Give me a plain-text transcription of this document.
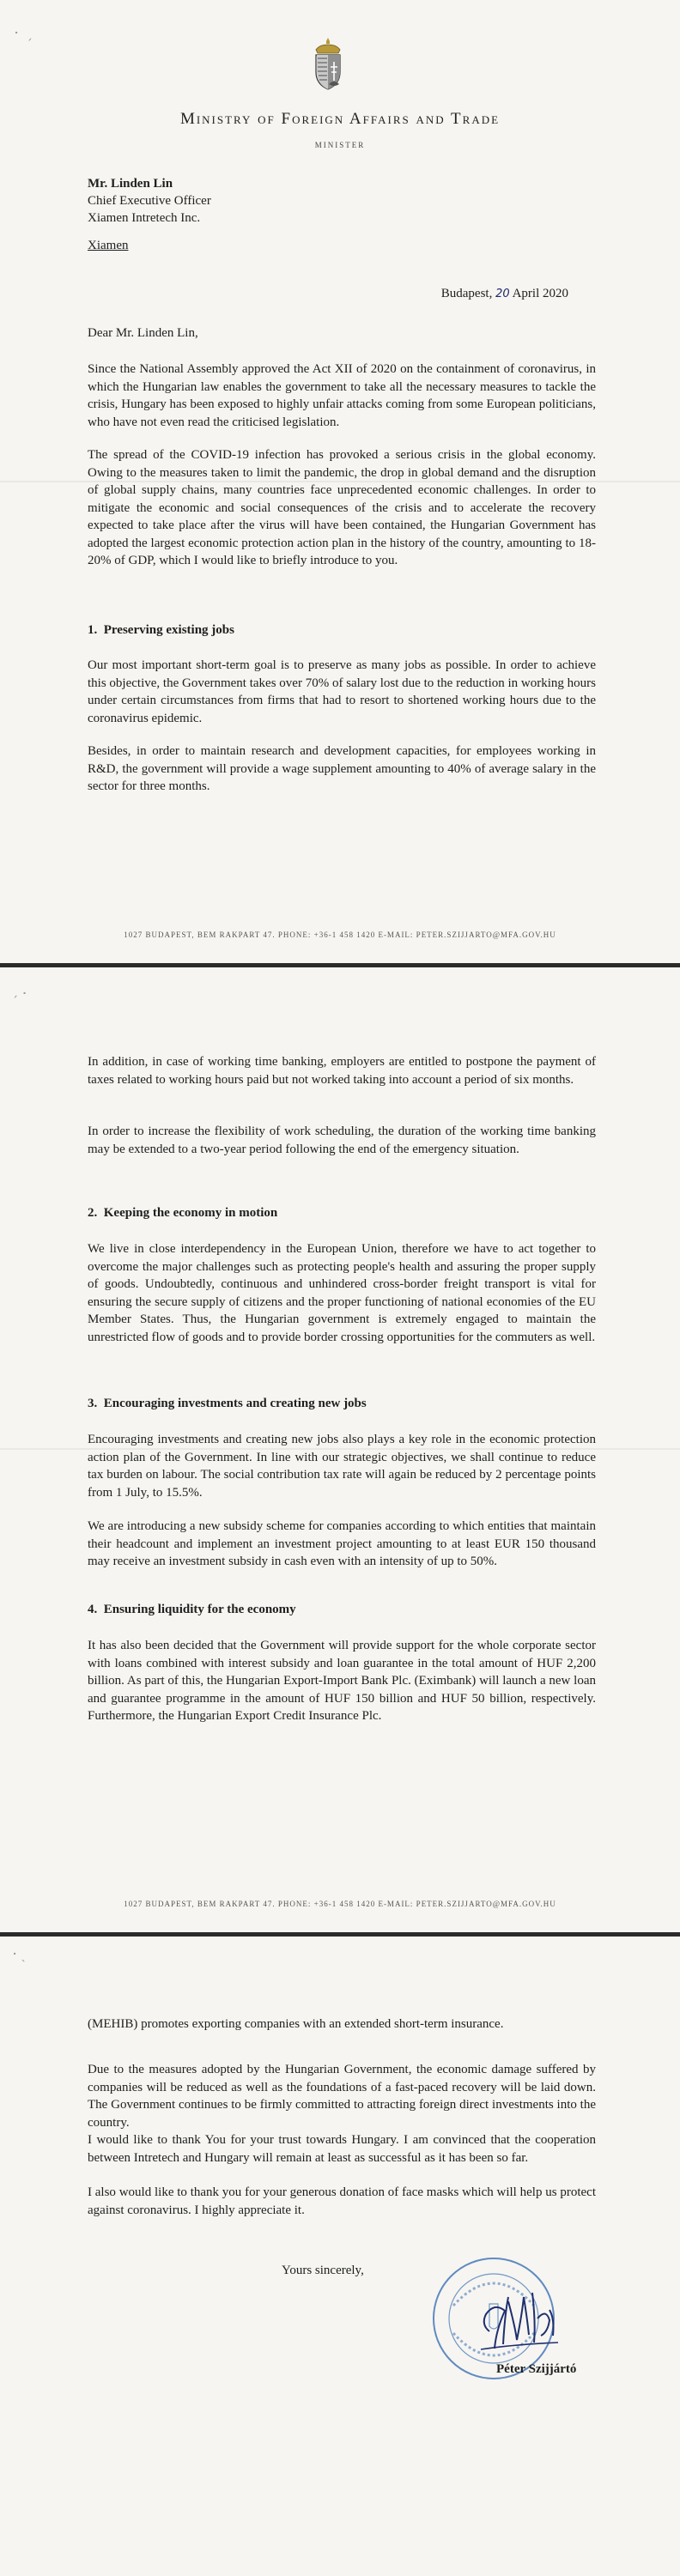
⠂ ˏ
Ministry of Foreign Affairs and Trade
MINISTER
Mr. Linden Lin
Chief Executive Officer
Xiamen Intretech Inc.
Xiamen
Budapest, 20 April 2020
Dear Mr. Linden Lin,
Since the National Assembly approved the Act XII of 2020 on the containment of coronavirus, in which the Hungarian law enables the government to take all the necessary measures to tackle the crisis, Hungary has been exposed to highly unfair attacks coming from some European politicians, who have not even read the criticised legislation.
The spread of the COVID-19 infection has provoked a serious crisis in the global economy. Owing to the measures taken to limit the pandemic, the drop in global demand and the disruption of global supply chains, many countries face unprecedented economic challenges. In order to mitigate the economic and social consequences of the crisis and to accelerate the recovery expected to take place after the virus will have been contained, the Hungarian Government has adopted the largest economic protection action plan in the history of the country, amounting to 18-20% of GDP, which I would like to briefly introduce to you.
1.  Preserving existing jobs
Our most important short-term goal is to preserve as many jobs as possible. In order to achieve this objective, the Government takes over 70% of salary lost due to the reduction in working hours under certain circumstances from firms that had to resort to shortened working hours due to the coronavirus epidemic.
Besides, in order to maintain research and development capacities, for employees working in R&D, the government will provide a wage supplement amounting to 40% of average salary in the sector for three months.
1027 BUDAPEST, BEM RAKPART 47. PHONE: +36-1 458 1420 E-MAIL: PETER.SZIJJARTO@MFA.GOV.HU
ˏ ⠄
In addition, in case of working time banking, employers are entitled to postpone the payment of taxes related to working hours paid but not worked taking into account a period of six months.
In order to increase the flexibility of work scheduling, the duration of the working time banking may be extended to a two-year period following the end of the emergency situation.
2.  Keeping the economy in motion
We live in close interdependency in the European Union, therefore we have to act together to overcome the major challenges such as protecting people's health and assuring the proper supply of goods. Undoubtedly, continuous and unhindered cross-border freight transport is vital for ensuring the secure supply of citizens and the proper functioning of national economies of the EU Member States. Thus, the Hungarian government is extremely engaged to maintain the unrestricted flow of goods and to provide border crossing opportunities for the commuters as well.
3.  Encouraging investments and creating new jobs
Encouraging investments and creating new jobs also plays a key role in the economic protection action plan of the Government. In line with our strategic objectives, we shall continue to reduce tax burden on labour. The social contribution tax rate will again be reduced by 2 percentage points from 1 July, to 15.5%.
We are introducing a new subsidy scheme for companies according to which entities that maintain their headcount and implement an investment project amounting to at least EUR 150 thousand may receive an investment subsidy in cash even with an intensity of up to 50%.
4.  Ensuring liquidity for the economy
It has also been decided that the Government will provide support for the whole corporate sector with loans combined with interest subsidy and loan guarantee in the total amount of HUF 2,200 billion. As part of this, the Hungarian Export-Import Bank Plc. (Eximbank) will launch a new loan and guarantee programme in the amount of HUF 150 billion and HUF 50 billion, respectively. Furthermore, the Hungarian Export Credit Insurance Plc.
1027 BUDAPEST, BEM RAKPART 47. PHONE: +36-1 458 1420 E-MAIL: PETER.SZIJJARTO@MFA.GOV.HU
⠂ˎ
(MEHIB) promotes exporting companies with an extended short-term insurance.
Due to the measures adopted by the Hungarian Government, the economic damage suffered by companies will be reduced as well as the foundations of a fast-paced recovery will be laid down. The Government continues to be firmly committed to attracting foreign direct investments into the country.
I would like to thank You for your trust towards Hungary. I am convinced that the cooperation between Intretech and Hungary will remain at least as successful as it has been so far.
I also would like to thank you for your generous donation of face masks which will help us protect against coronavirus. I highly appreciate it.
Yours sincerely,
Péter Szijjártó
